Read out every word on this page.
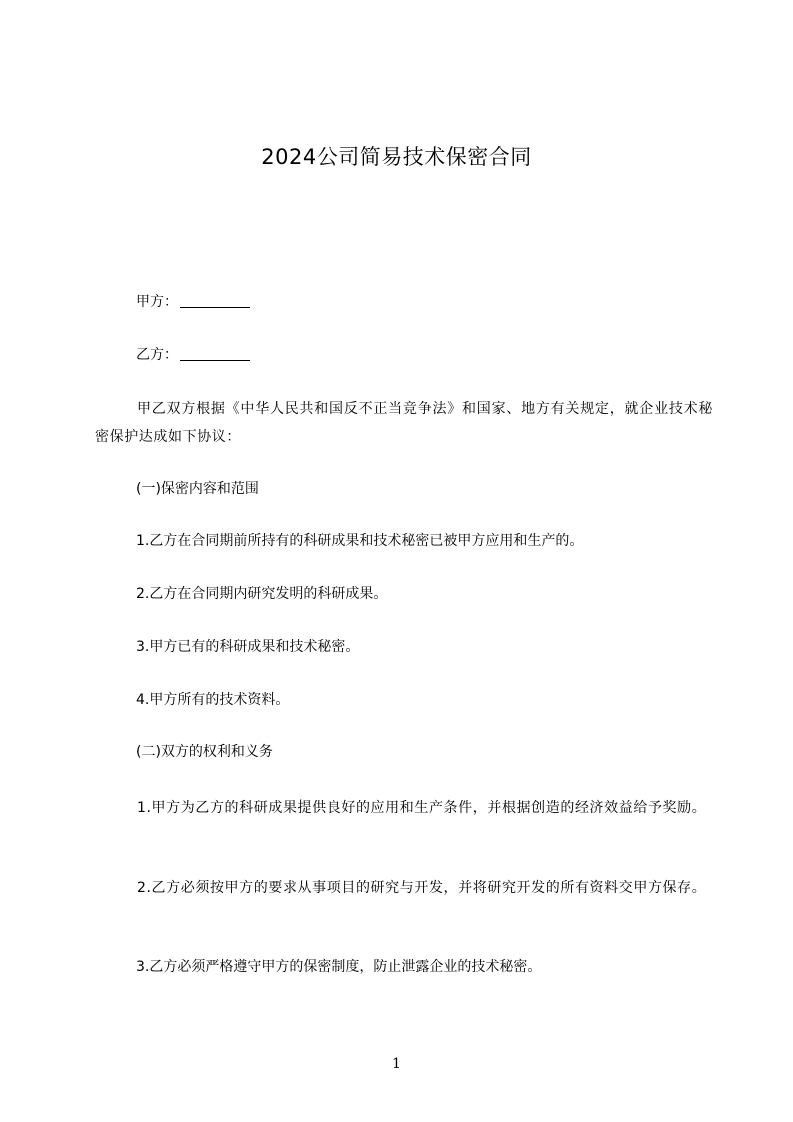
2024公司简易技术保密合同
甲方：
乙方：
甲乙双方根据《中华人民共和国反不正当竞争法》和国家、地方有关规定，就企业技术秘密保护达成如下协议：
(一)保密内容和范围
1.乙方在合同期前所持有的科研成果和技术秘密已被甲方应用和生产的。
2.乙方在合同期内研究发明的科研成果。
3.甲方已有的科研成果和技术秘密。
4.甲方所有的技术资料。
(二)双方的权利和义务
1.甲方为乙方的科研成果提供良好的应用和生产条件，并根据创造的经济效益给予奖励。
2.乙方必须按甲方的要求从事项目的研究与开发，并将研究开发的所有资料交甲方保存。
3.乙方必须严格遵守甲方的保密制度，防止泄露企业的技术秘密。
1
